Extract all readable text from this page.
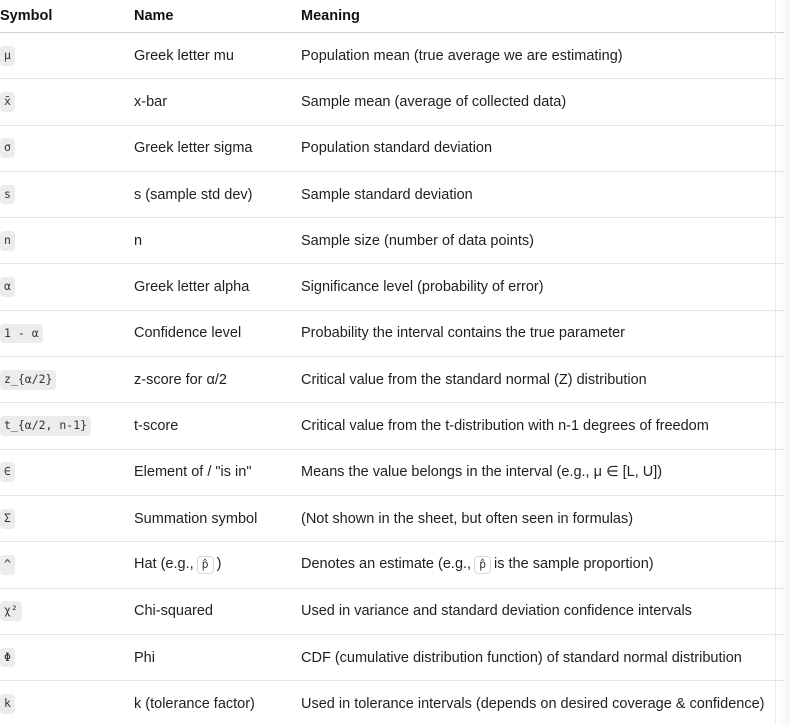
Symbol	Name	Meaning
μ	Greek letter mu	Population mean (true average we are estimating)
x̄	x-bar	Sample mean (average of collected data)
σ	Greek letter sigma	Population standard deviation
s	s (sample std dev)	Sample standard deviation
n	n	Sample size (number of data points)
α	Greek letter alpha	Significance level (probability of error)
1 - α	Confidence level	Probability the interval contains the true parameter
z_{α/2}	z-score for α/2	Critical value from the standard normal (Z) distribution
t_{α/2, n-1}	t-score	Critical value from the t-distribution with n-1 degrees of freedom
∈	Element of / "is in"	Means the value belongs in the interval (e.g., μ ∈ [L, U])
Σ	Summation symbol	(Not shown in the sheet, but often seen in formulas)
^	Hat (e.g., p̂ )	Denotes an estimate (e.g., p̂ is the sample proportion)
χ²	Chi-squared	Used in variance and standard deviation confidence intervals
Φ	Phi	CDF (cumulative distribution function) of standard normal distribution
k	k (tolerance factor)	Used in tolerance intervals (depends on desired coverage & confidence)
